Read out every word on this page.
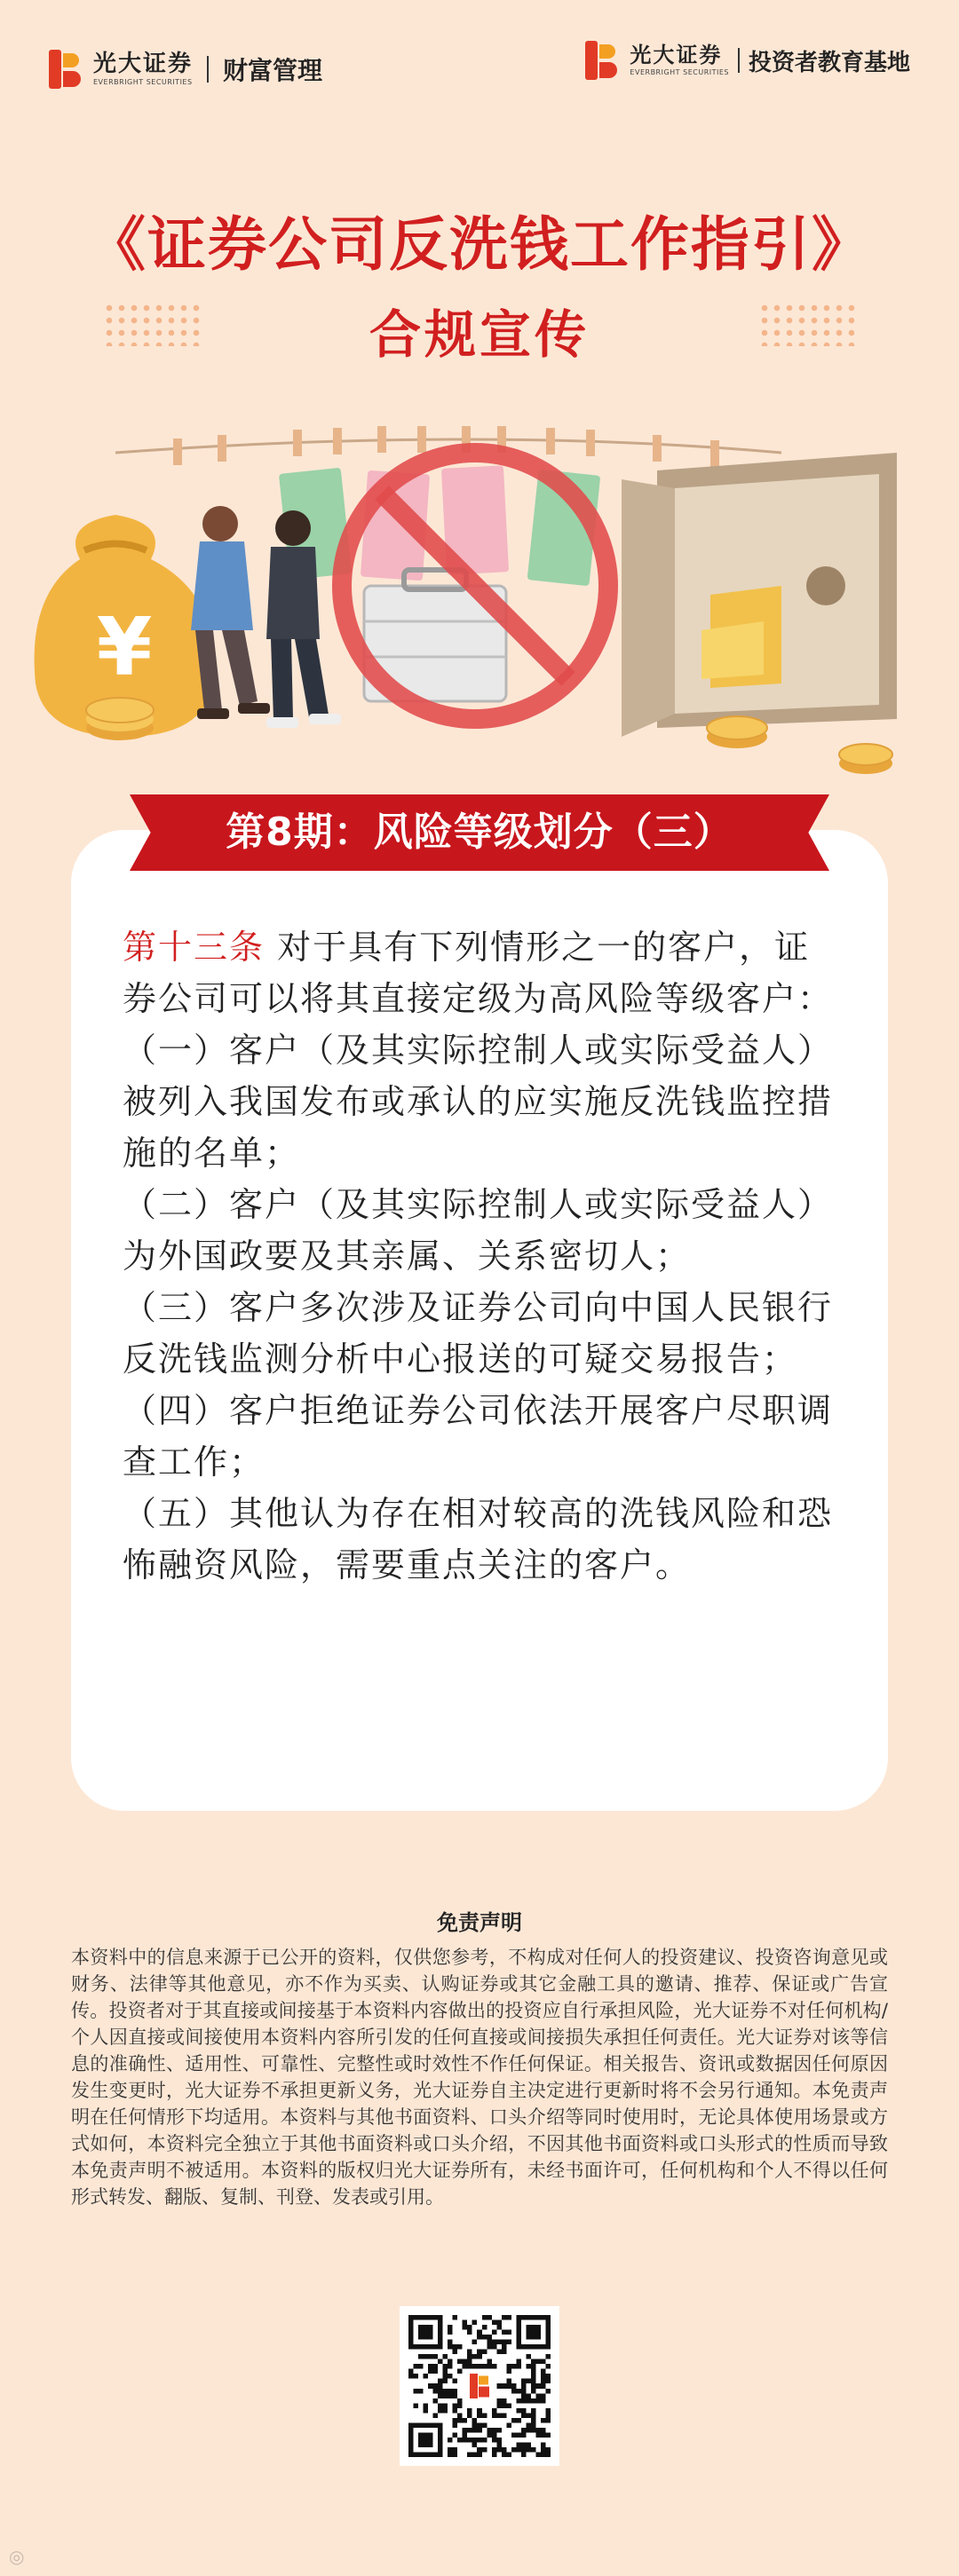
光大证券
EVERBRIGHT SECURITIES 财富管理
光大证券
EVERBRIGHT SECURITIES 投资者教育基地
《证券公司反洗钱工作指引》
合规宣传
¥
第8期：风险等级划分（三）

第十三条 对于具有下列情形之一的客户，证券公司可以将其直接定级为高风险等级客户：

（一）客户（及其实际控制人或实际受益人）被列入我国发布或承认的应实施反洗钱监控措施的名单；

（二）客户（及其实际控制人或实际受益人）为外国政要及其亲属、关系密切人；

（三）客户多次涉及证券公司向中国人民银行反洗钱监测分析中心报送的可疑交易报告；

（四）客户拒绝证券公司依法开展客户尽职调查工作；

（五）其他认为存在相对较高的洗钱风险和恐怖融资风险，需要重点关注的客户。

免责声明
本资料中的信息来源于已公开的资料，仅供您参考，不构成对任何人的投资建议、投资咨询意见或财务、法律等其他意见，亦不作为买卖、认购证券或其它金融工具的邀请、推荐、保证或广告宣传。投资者对于其直接或间接基于本资料内容做出的投资应自行承担风险，光大证券不对任何机构/个人因直接或间接使用本资料内容所引发的任何直接或间接损失承担任何责任。光大证券对该等信息的准确性、适用性、可靠性、完整性或时效性不作任何保证。相关报告、资讯或数据因任何原因发生变更时，光大证券不承担更新义务，光大证券自主决定进行更新时将不会另行通知。本免责声明在任何情形下均适用。本资料与其他书面资料、口头介绍等同时使用时，无论具体使用场景或方式如何，本资料完全独立于其他书面资料或口头介绍，不因其他书面资料或口头形式的性质而导致本免责声明不被适用。本资料的版权归光大证券所有，未经书面许可，任何机构和个人不得以任何形式转发、翻版、复制、刊登、发表或引用。
◎
